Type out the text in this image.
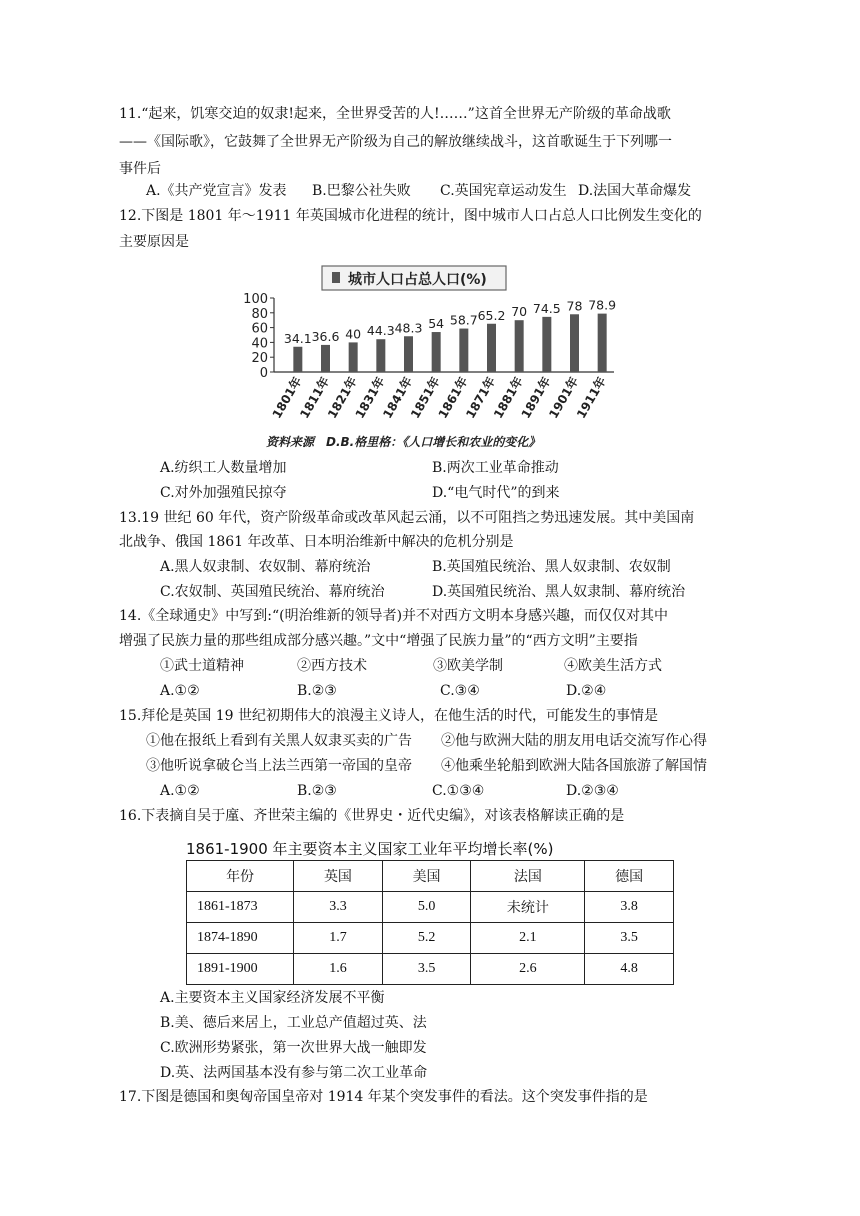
11.“起来，饥寒交迫的奴隶!起来，全世界受苦的人!……”这首全世界无产阶级的革命战歌
——《国际歌》，它鼓舞了全世界无产阶级为自己的解放继续战斗，这首歌诞生于下列哪一
事件后
A.《共产党宣言》发表 B.巴黎公社失败 C.英国宪章运动发生 D.法国大革命爆发
12.下图是 1801 年～1911 年英国城市化进程的统计，图中城市人口占总人口比例发生变化的
主要原因是
城市人口占总人口(%)
0
20
40
60
80
100
34.1 36.6 40 44.3 48.3 54 58.7 65.2 70 74.5 78 78.9
1801年
1811年
1821年
1831年
1841年
1851年
1861年
1871年
1881年
1891年
1901年
1911年
资料来源　D.B.格里格：《人口增长和农业的变化》
A.纺织工人数量增加	B.两次工业革命推动
C.对外加强殖民掠夺	D.“电气时代”的到来
13.19 世纪 60 年代，资产阶级革命或改革风起云涌，以不可阻挡之势迅速发展。其中美国南
北战争、俄国 1861 年改革、日本明治维新中解决的危机分别是
A.黑人奴隶制、农奴制、幕府统治	B.英国殖民统治、黑人奴隶制、农奴制
C.农奴制、英国殖民统治、幕府统治	D.英国殖民统治、黑人奴隶制、幕府统治
14.《全球通史》中写到:“(明治维新的领导者)并不对西方文明本身感兴趣，而仅仅对其中
增强了民族力量的那些组成部分感兴趣。”文中“增强了民族力量”的“西方文明”主要指
①武士道精神	②西方技术	③欧美学制	④欧美生活方式
A.①②	B.②③	C.③④	D.②④
15.拜伦是英国 19 世纪初期伟大的浪漫主义诗人，在他生活的时代，可能发生的事情是
①他在报纸上看到有关黑人奴隶买卖的广告 ②他与欧洲大陆的朋友用电话交流写作心得
③他听说拿破仑当上法兰西第一帝国的皇帝 ④他乘坐轮船到欧洲大陆各国旅游了解国情
A.①②	B.②③	C.①③④	D.②③④
16.下表摘自吴于廑、齐世荣主编的《世界史・近代史编》，对该表格解读正确的是
1861-1900 年主要资本主义国家工业年平均增长率(%)
年份	英国	美国	法国	德国
1861-1873	3.3	5.0	未统计	3.8
1874-1890	1.7	5.2	2.1	3.5
1891-1900	1.6	3.5	2.6	4.8
A.主要资本主义国家经济发展不平衡
B.美、德后来居上，工业总产值超过英、法
C.欧洲形势紧张，第一次世界大战一触即发
D.英、法两国基本没有参与第二次工业革命
17.下图是德国和奥匈帝国皇帝对 1914 年某个突发事件的看法。这个突发事件指的是
